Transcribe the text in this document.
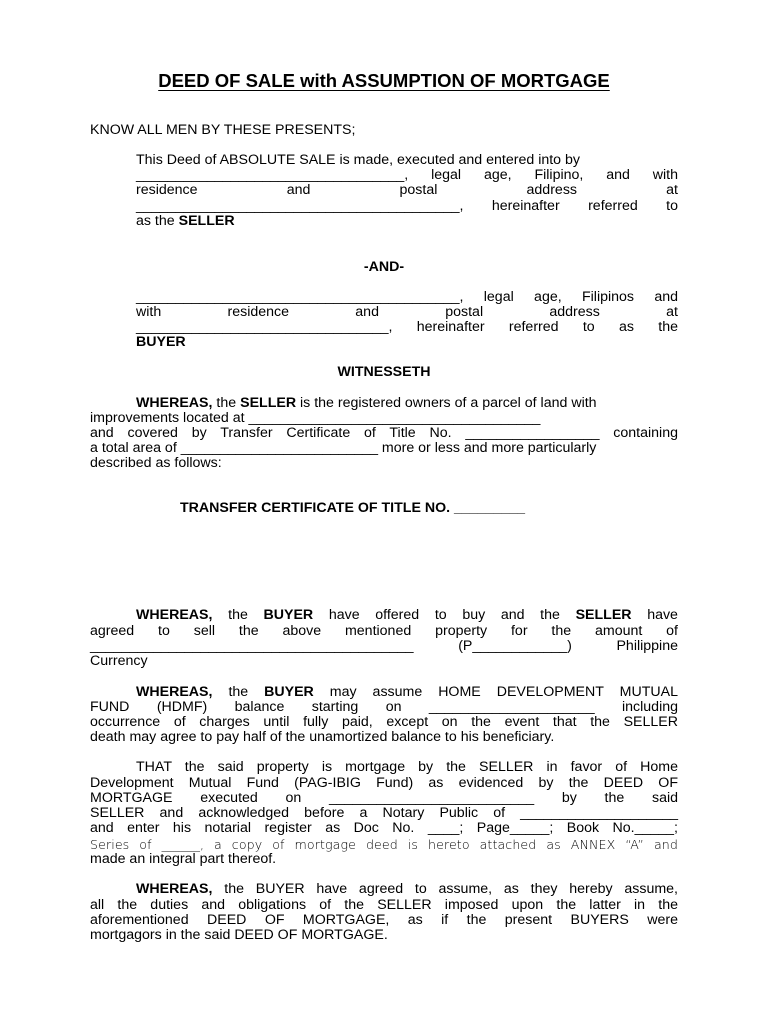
DEED OF SALE with ASSUMPTION OF MORTGAGE
KNOW ALL MEN BY THESE PRESENTS;
This Deed of ABSOLUTE SALE is made, executed and entered into by
__________________________________, legal age, Filipino, and with
residence	and	postal	address	at
_________________________________________, hereinafter referred to
as the SELLER
-AND-
_________________________________________, legal age, Filipinos and
with	residence	and	postal	address	at
________________________________, hereinafter referred to as the
BUYER
WITNESSETH
WHEREAS, the SELLER is the registered owners of a parcel of land with
improvements located at _____________________________________
and covered by Transfer Certificate of Title No. _________________ containing
a total area of _________________________ more or less and more particularly
described as follows:
TRANSFER CERTIFICATE OF TITLE NO. _________
WHEREAS, the BUYER have offered to buy and the SELLER have
agreed to sell the above mentioned property for the amount of
_________________________________________ (P____________) Philippine
Currency
WHEREAS, the BUYER may assume HOME DEVELOPMENT MUTUAL
FUND (HDMF) balance starting on _____________________ including
occurrence of charges until fully paid, except on the event that the SELLER
death may agree to pay half of the unamortized balance to his beneficiary.
THAT the said property is mortgage by the SELLER in favor of Home
Development Mutual Fund (PAG-IBIG Fund) as evidenced by the DEED OF
MORTGAGE executed on __________________________ by the said
SELLER and acknowledged before a Notary Public of ____________________
and enter his notarial register as Doc No. ____; Page_____; Book No._____;
Series of ______, a copy of mortgage deed is hereto attached as ANNEX “A” and
made an integral part thereof.
WHEREAS, the BUYER have agreed to assume, as they hereby assume,
all the duties and obligations of the SELLER imposed upon the latter in the
aforementioned DEED OF MORTGAGE, as if the present BUYERS were
mortgagors in the said DEED OF MORTGAGE.
